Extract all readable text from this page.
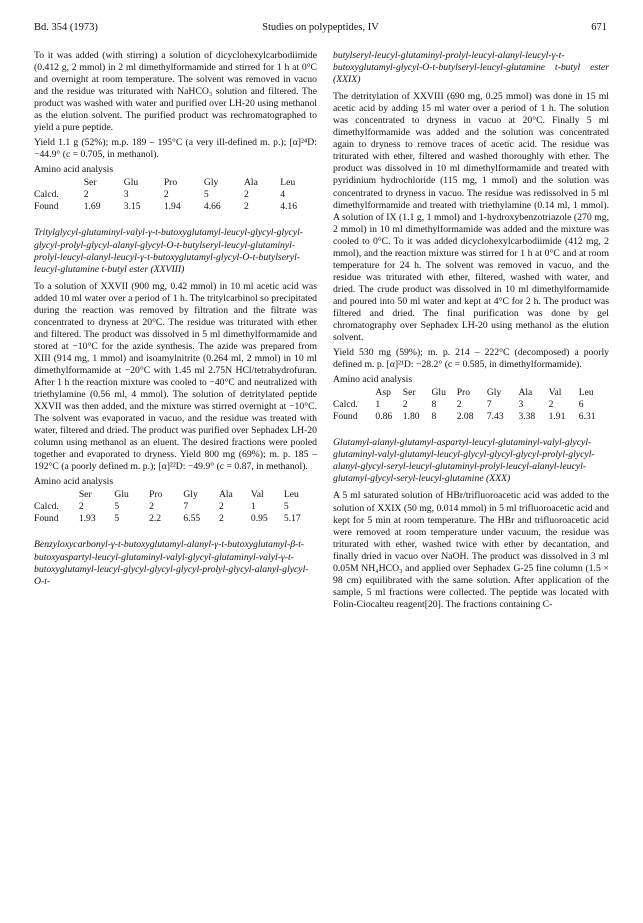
Bd. 354 (1973)	Studies on polypeptides, IV	671

To it was added (with stirring) a solution of dicyclohexylcarbodiimide (0.412 g, 2 mmol) in 2 ml dimethylformamide and stirred for 1 h at 0°C and overnight at room temperature. The solvent was removed in vacuo and the residue was triturated with NaHCO₃ solution and filtered. The product was washed with water and purified over LH-20 using methanol as the elution solvent. The purified product was rechromatographed to yield a pure peptide.

Yield 1.1 g (52%); m.p. 189 – 195°C (a very ill-defined m. p.); [α]²⁴D: −44.9° (c = 0.705, in methanol).

Amino acid analysis
	Ser	Glu	Pro	Gly	Ala	Leu
Calcd.	2	3	2	5	2	4
Found	1.69	3.15	1.94	4.66	2	4.16

Tritylglycyl-glutaminyl-valyl-γ-t-butoxyglutamyl-leucyl-glycyl-glycyl-glycyl-prolyl-glycyl-alanyl-glycyl-O-t-butylseryl-leucyl-glutaminyl-prolyl-leucyl-alanyl-leucyl-γ-t-butoxyglutamyl-glycyl-O-t-butylseryl-leucyl-glutamine t-butyl ester (XXVIII)

To a solution of XXVII (900 mg, 0.42 mmol) in 10 ml acetic acid was added 10 ml water over a period of 1 h. The tritylcarbinol so precipitated during the reaction was removed by filtration and the filtrate was concentrated to dryness at 20°C. The residue was triturated with ether and filtered. The product was dissolved in 5 ml dimethylformamide and stored at −10°C for the azide synthesis. The azide was prepared from XIII (914 mg, 1 mmol) and isoamylnitrite (0.264 ml, 2 mmol) in 10 ml dimethylformamide at −20°C with 1.45 ml 2.75N HCl/tetrahydrofuran. After 1 h the reaction mixture was cooled to −40°C and neutralized with triethylamine (0.56 ml, 4 mmol). The solution of detritylated peptide XXVII was then added, and the mixture was stirred overnight at −10°C. The solvent was evaporated in vacuo, and the residue was treated with water, filtered and dried. The product was purified over Sephadex LH-20 column using methanol as an eluent. The desired fractions were pooled together and evaporated to dryness. Yield 800 mg (69%); m. p. 185 – 192°C (a poorly defined m. p.); [α]²²D: −49.9° (c = 0.87, in methanol).

Amino acid analysis
	Ser	Glu	Pro	Gly	Ala	Val	Leu
Calcd.	2	5	2	7	2	1	5
Found	1.93	5	2.2	6.55	2	0.95	5.17

Benzyloxycarbonyl-γ-t-butoxyglutamyl-alanyl-γ-t-butoxyglutamyl-β-t-butoxyaspartyl-leucyl-glutaminyl-valyl-glycyl-glutaminyl-valyl-γ-t-butoxyglutamyl-leucyl-glycyl-glycyl-glycyl-prolyl-glycyl-alanyl-glycyl-O-t-

butylseryl-leucyl-glutaminyl-prolyl-leucyl-alanyl-leucyl-γ-t-butoxyglutamyl-glycyl-O-t-butylseryl-leucyl-glutamine t-butyl ester (XXIX)

The detritylation of XXVIII (690 mg, 0.25 mmol) was done in 15 ml acetic acid by adding 15 ml water over a period of 1 h. The solution was concentrated to dryness in vacuo at 20°C. Finally 5 ml dimethylformamide was added and the solution was concentrated again to dryness to remove traces of acetic acid. The residue was triturated with ether, filtered and washed thoroughly with ether. The product was dissolved in 10 ml dimethylformamide and treated with pyridinium hydrochloride (115 mg, 1 mmol) and the solution was concentrated to dryness in vacuo. The residue was redissolved in 5 ml dimethylformamide and treated with triethylamine (0.14 ml, 1 mmol). A solution of IX (1.1 g, 1 mmol) and 1-hydroxybenzotriazole (270 mg, 2 mmol) in 10 ml dimethylformamide was added and the mixture was cooled to 0°C. To it was added dicyclohexylcarbodiimide (412 mg, 2 mmol), and the reaction mixture was stirred for 1 h at 0°C and at room temperature for 24 h. The solvent was removed in vacuo, and the residue was triturated with ether, filtered, washed with water, and dried. The crude product was dissolved in 10 ml dimethylformamide and poured into 50 ml water and kept at 4°C for 2 h. The product was filtered and dried. The final purification was done by gel chromatography over Sephadex LH-20 using methanol as the elution solvent.

Yield 530 mg (59%); m. p. 214 – 222°C (decomposed) a poorly defined m. p. [α]²¹D: −28.2° (c = 0.585, in dimethylformamide).

Amino acid analysis
	Asp	Ser	Glu	Pro	Gly	Ala	Val	Leu
Calcd.	1	2	8	2	7	3	2	6
Found	0.86	1.80	8	2.08	7.43	3.38	1.91	6.31

Glutamyl-alanyl-glutamyl-aspartyl-leucyl-glutaminyl-valyl-glycyl-glutaminyl-valyl-glutamyl-leucyl-glycyl-glycyl-glycyl-prolyl-glycyl-alanyl-glycyl-seryl-leucyl-glutaminyl-prolyl-leucyl-alanyl-leucyl-glutamyl-glycyl-seryl-leucyl-glutamine (XXX)

A 5 ml saturated solution of HBr/trifluoroacetic acid was added to the solution of XXIX (50 mg, 0.014 mmol) in 5 ml trifluoroacetic acid and kept for 5 min at room temperature. The HBr and trifluoroacetic acid were removed at room temperature under vacuum, the residue was triturated with ether, washed twice with ether by decantation, and finally dried in vacuo over NaOH. The product was dissolved in 3 ml 0.05M NH₄HCO₃ and applied over Sephadex G-25 fine column (1.5 × 98 cm) equilibrated with the same solution. After application of the sample, 5 ml fractions were collected. The peptide was located with Folin-Ciocalteu reagent[20]. The fractions containing C-
